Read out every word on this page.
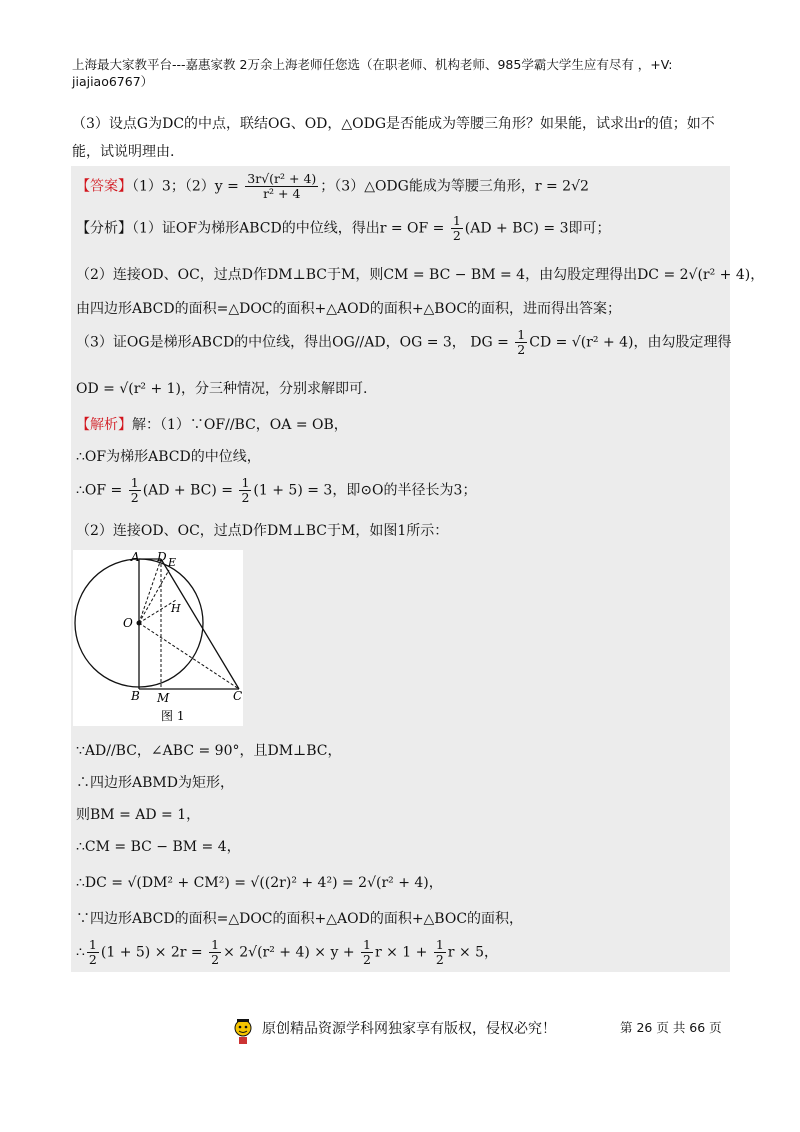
上海最大家教平台---嘉惠家教 2万余上海老师任您选（在职老师、机构老师、985学霸大学生应有尽有 ，+V:
jiajiao6767）
（3）设点G为DC的中点，联结OG、OD，△ODG是否能成为等腰三角形？如果能，试求出r的值；如不能，试说明理由.
【答案】（1）3；$(2)y = \frac{\text{3r√(r² + 4)}}{\text{r² + 4}}$ ；（3）△ODG能成为等腰三角形，r = 2√2
【分析】（1）证OF为梯形ABCD的中位线，得出r = OF = $\frac{1}{2} (AD + BC) = 3$即可；
（2）连接OD、OC，过点D作DM⊥BC于M，则CM = BC − BM = 4，由勾股定理得出DC = 2√(r² + 4)，
由四边形ABCD的面积=△DOC的面积+△AOD的面积+△BOC的面积，进而得出答案；
（3）证OG是梯形ABCD的中位线，得出OG//AD，OG = 3， DG = $\frac{1}{2}$ CD = √(r² + 4)，由勾股定理得
OD = √(r² + 1)，分三种情况，分别求解即可.
【解析】解：（1）∵OF//BC，OA = OB，
∴OF为梯形ABCD的中位线，
∴OF = $\frac{1}{2} (AD + BC) = \frac{1}{2} (1 + 5) = 3$，即⊙O的半径长为3；
（2）连接OD、OC，过点D作DM⊥BC于M，如图1所示：
A D E
O
H
B M	C
图 1
∵AD//BC，∠ABC = 90°，且DM⊥BC，
∴四边形ABMD为矩形，
则BM = AD = 1，
∴CM = BC − BM = 4，
∴DC = √(DM² + CM²) = √((2r)² + 4²) = 2√(r² + 4)，
∵四边形ABCD的面积=△DOC的面积+△AOD的面积+△BOC的面积，
∴ $\frac{1}{2} (1 + 5) \times 2r = \frac{1}{2} \times 2√(r^2 + 4) \times y + \frac{1}{2}$ $r \times 1 + \frac{1}{2}$ r × 5，
原创精品资源学科网独家享有版权，侵权必究！	第 26 页 共 66 页
